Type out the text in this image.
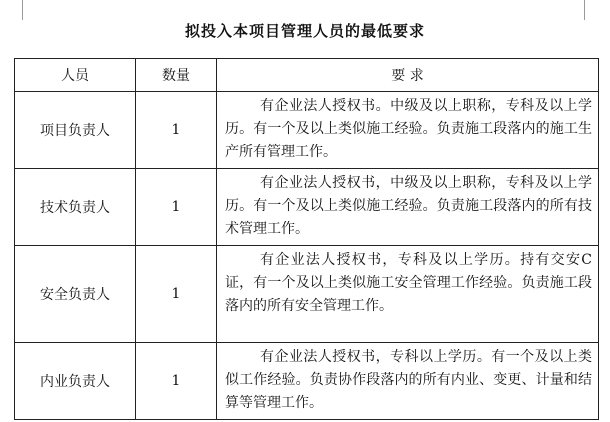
拟投入本项目管理人员的最低要求
人员	数量	要 求
项目负责人	1	有企业法人授权书。中级及以上职称，专科及以上学历。有一个及以上类似施工经验。负责施工段落内的施工生产所有管理工作。
技术负责人	1	有企业法人授权书，中级及以上职称，专科及以上学历。有一个及以上类似施工经验。负责施工段落内的所有技术管理工作。
安全负责人	1	有企业法人授权书，专科及以上学历。持有交安C证，有一个及以上类似施工安全管理工作经验。负责施工段落内的所有安全管理工作。
内业负责人	1	有企业法人授权书，专科以上学历。有一个及以上类似工作经验。负责协作段落内的所有内业、变更、计量和结算等管理工作。
